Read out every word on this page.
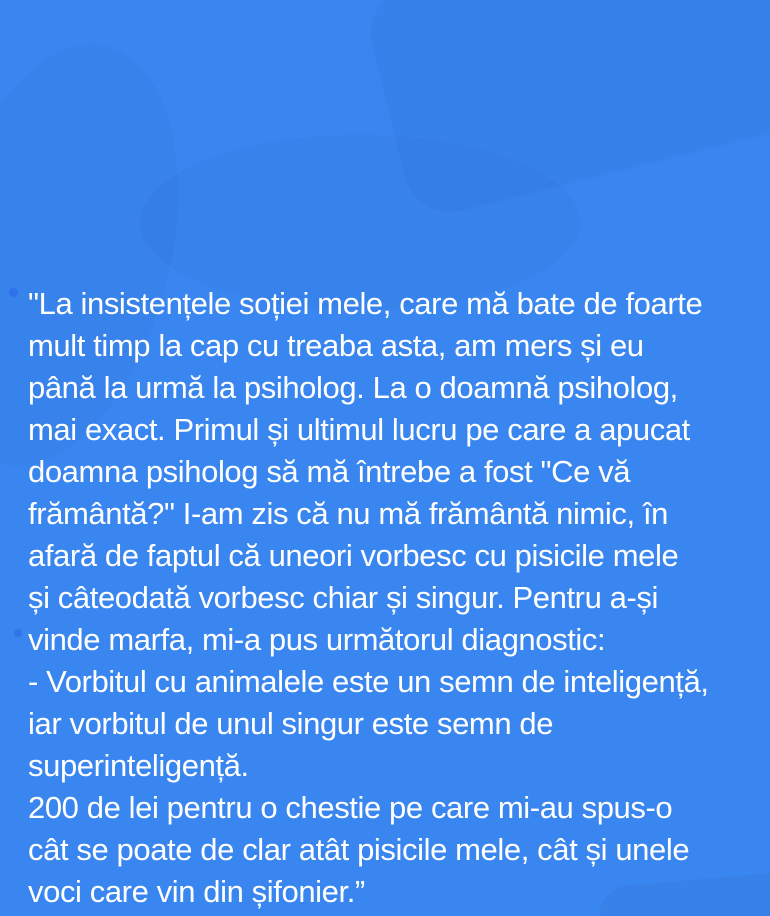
"La insistențele soției mele, care mă bate de foarte
mult timp la cap cu treaba asta, am mers și eu
până la urmă la psiholog. La o doamnă psiholog,
mai exact. Primul și ultimul lucru pe care a apucat
doamna psiholog să mă întrebe a fost "Ce vă
frământă?" I-am zis că nu mă frământă nimic, în
afară de faptul că uneori vorbesc cu pisicile mele
și câteodată vorbesc chiar și singur. Pentru a-și
vinde marfa, mi-a pus următorul diagnostic:
- Vorbitul cu animalele este un semn de inteligență,
iar vorbitul de unul singur este semn de
superinteligență.
200 de lei pentru o chestie pe care mi-au spus-o
cât se poate de clar atât pisicile mele, cât și unele
voci care vin din șifonier.”
